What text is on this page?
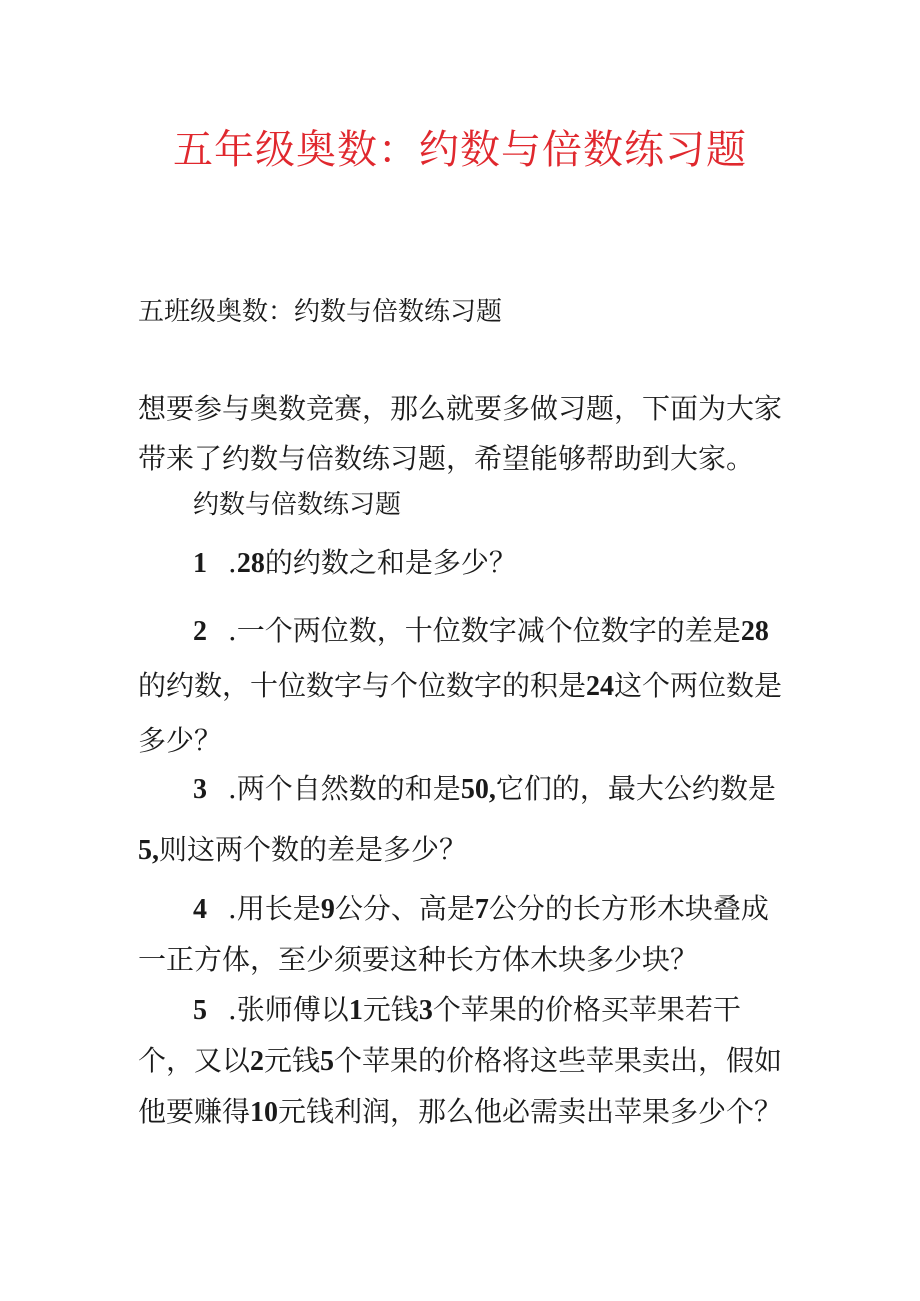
五年级奥数：约数与倍数练习题
五班级奥数：约数与倍数练习题

想要参与奥数竞赛，那么就要多做习题，下面为大家带来了约数与倍数练习题，希望能够帮助到大家。

约数与倍数练习题

1 .28的约数之和是多少？

2 .一个两位数，十位数字减个位数字的差是28的约数，十位数字与个位数字的积是24这个两位数是多少？

3 .两个自然数的和是50,它们的，最大公约数是5,则这两个数的差是多少？

4 .用长是9公分、高是7公分的长方形木块叠成一正方体，至少须要这种长方体木块多少块？

5 .张师傅以1元钱3个苹果的价格买苹果若干个，又以2元钱5个苹果的价格将这些苹果卖出，假如他要赚得10元钱利润，那么他必需卖出苹果多少个？
